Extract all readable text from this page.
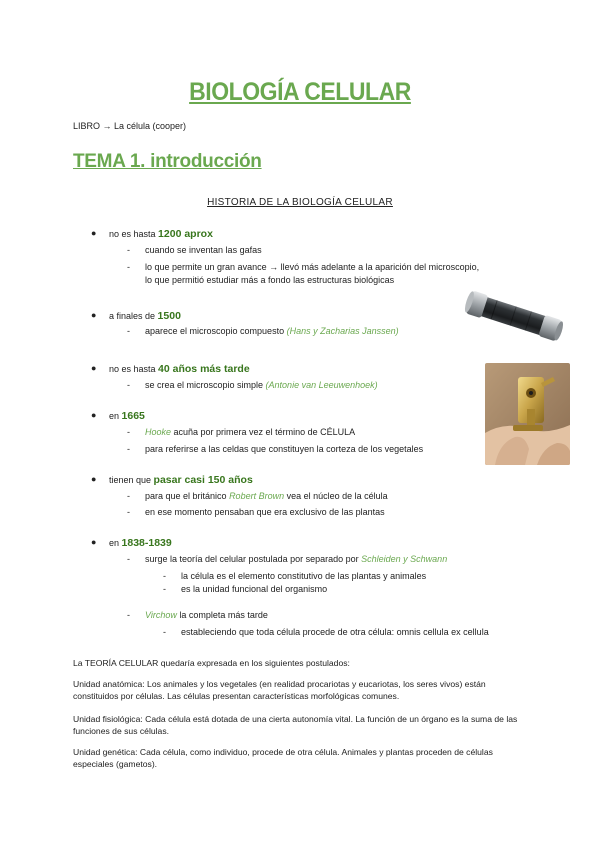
BIOLOGÍA CELULAR
LIBRO → La célula (cooper)
TEMA 1. introducción
HISTORIA DE LA BIOLOGÍA CELULAR
● no es hasta 1200 aprox
- cuando se inventan las gafas
- lo que permite un gran avance → llevó más adelante a la aparición del microscopio,
lo que permitió estudiar más a fondo las estructuras biológicas
● a finales de 1500
- aparece el microscopio compuesto (Hans y Zacharias Janssen)
● no es hasta 40 años más tarde
- se crea el microscopio simple (Antonie van Leeuwenhoek)
● en 1665
- Hooke acuña por primera vez el término de CÉLULA
- para referirse a las celdas que constituyen la corteza de los vegetales
● tienen que pasar casi 150 años
- para que el británico Robert Brown vea el núcleo de la célula
- en ese momento pensaban que era exclusivo de las plantas
● en 1838-1839
- surge la teoría del celular postulada por separado por Schleiden y Schwann
- la célula es el elemento constitutivo de las plantas y animales
- es la unidad funcional del organismo
- Virchow la completa más tarde
- estableciendo que toda célula procede de otra célula: omnis cellula ex cellula
La TEORÍA CELULAR quedaría expresada en los siguientes postulados:
Unidad anatómica: Los animales y los vegetales (en realidad procariotas y eucariotas, los seres vivos) están constituidos por células. Las células presentan características morfológicas comunes.
Unidad fisiológica: Cada célula está dotada de una cierta autonomía vital. La función de un órgano es la suma de las funciones de sus células.
Unidad genética: Cada célula, como individuo, procede de otra célula. Animales y plantas proceden de células especiales (gametos).
